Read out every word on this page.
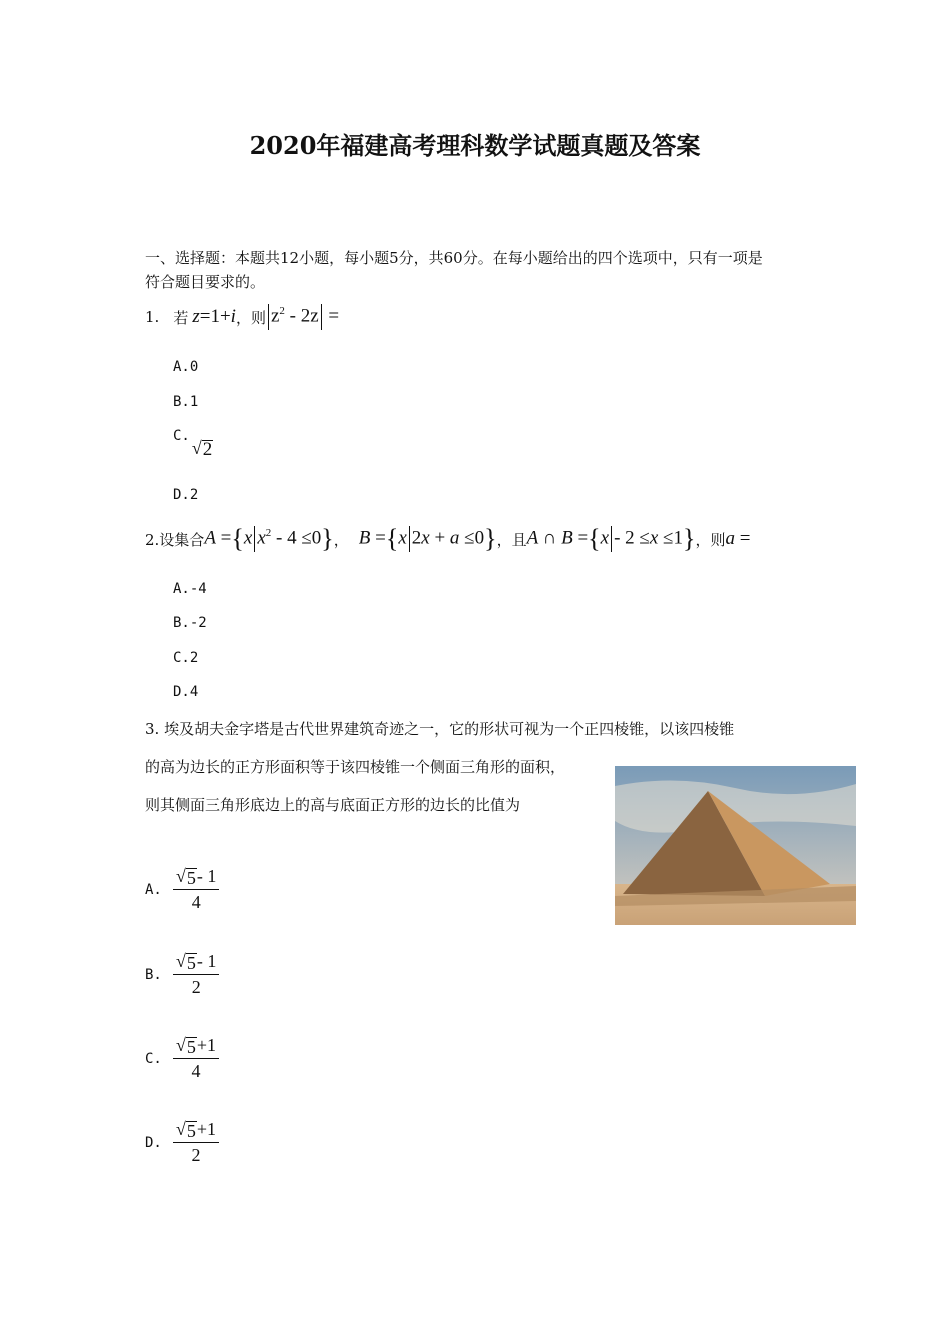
2020年福建高考理科数学试题真题及答案
一、选择题：本题共12小题，每小题5分，共60分。在每小题给出的四个选项中，只有一项是
符合题目要求的。
1. 若 z=1+i ，则 $z^2 - 2z$ =
A.0
B.1
C.
√ 2
D.2
2.设集合 A ={x $x^2 - 4 \le 0$} ， B ={x 2x + a ≤0} ，且 A ∩ B ={x - 2 ≤x ≤1} ，则 a =
A.-4
B.-2
C.2
D.4
3. 埃及胡夫金字塔是古代世界建筑奇迹之一，它的形状可视为一个正四棱锥，以该四棱锥
的高为边长的正方形面积等于该四棱锥一个侧面三角形的面积，
则其侧面三角形底边上的高与底面正方形的边长的比值为
A. $\frac{√ 5 - 1}{4}$
B. $\frac{√ 5 - 1}{2}$
C. $\frac{√ 5 +1}{4}$
D. $\frac{√ 5 +1}{2}$
